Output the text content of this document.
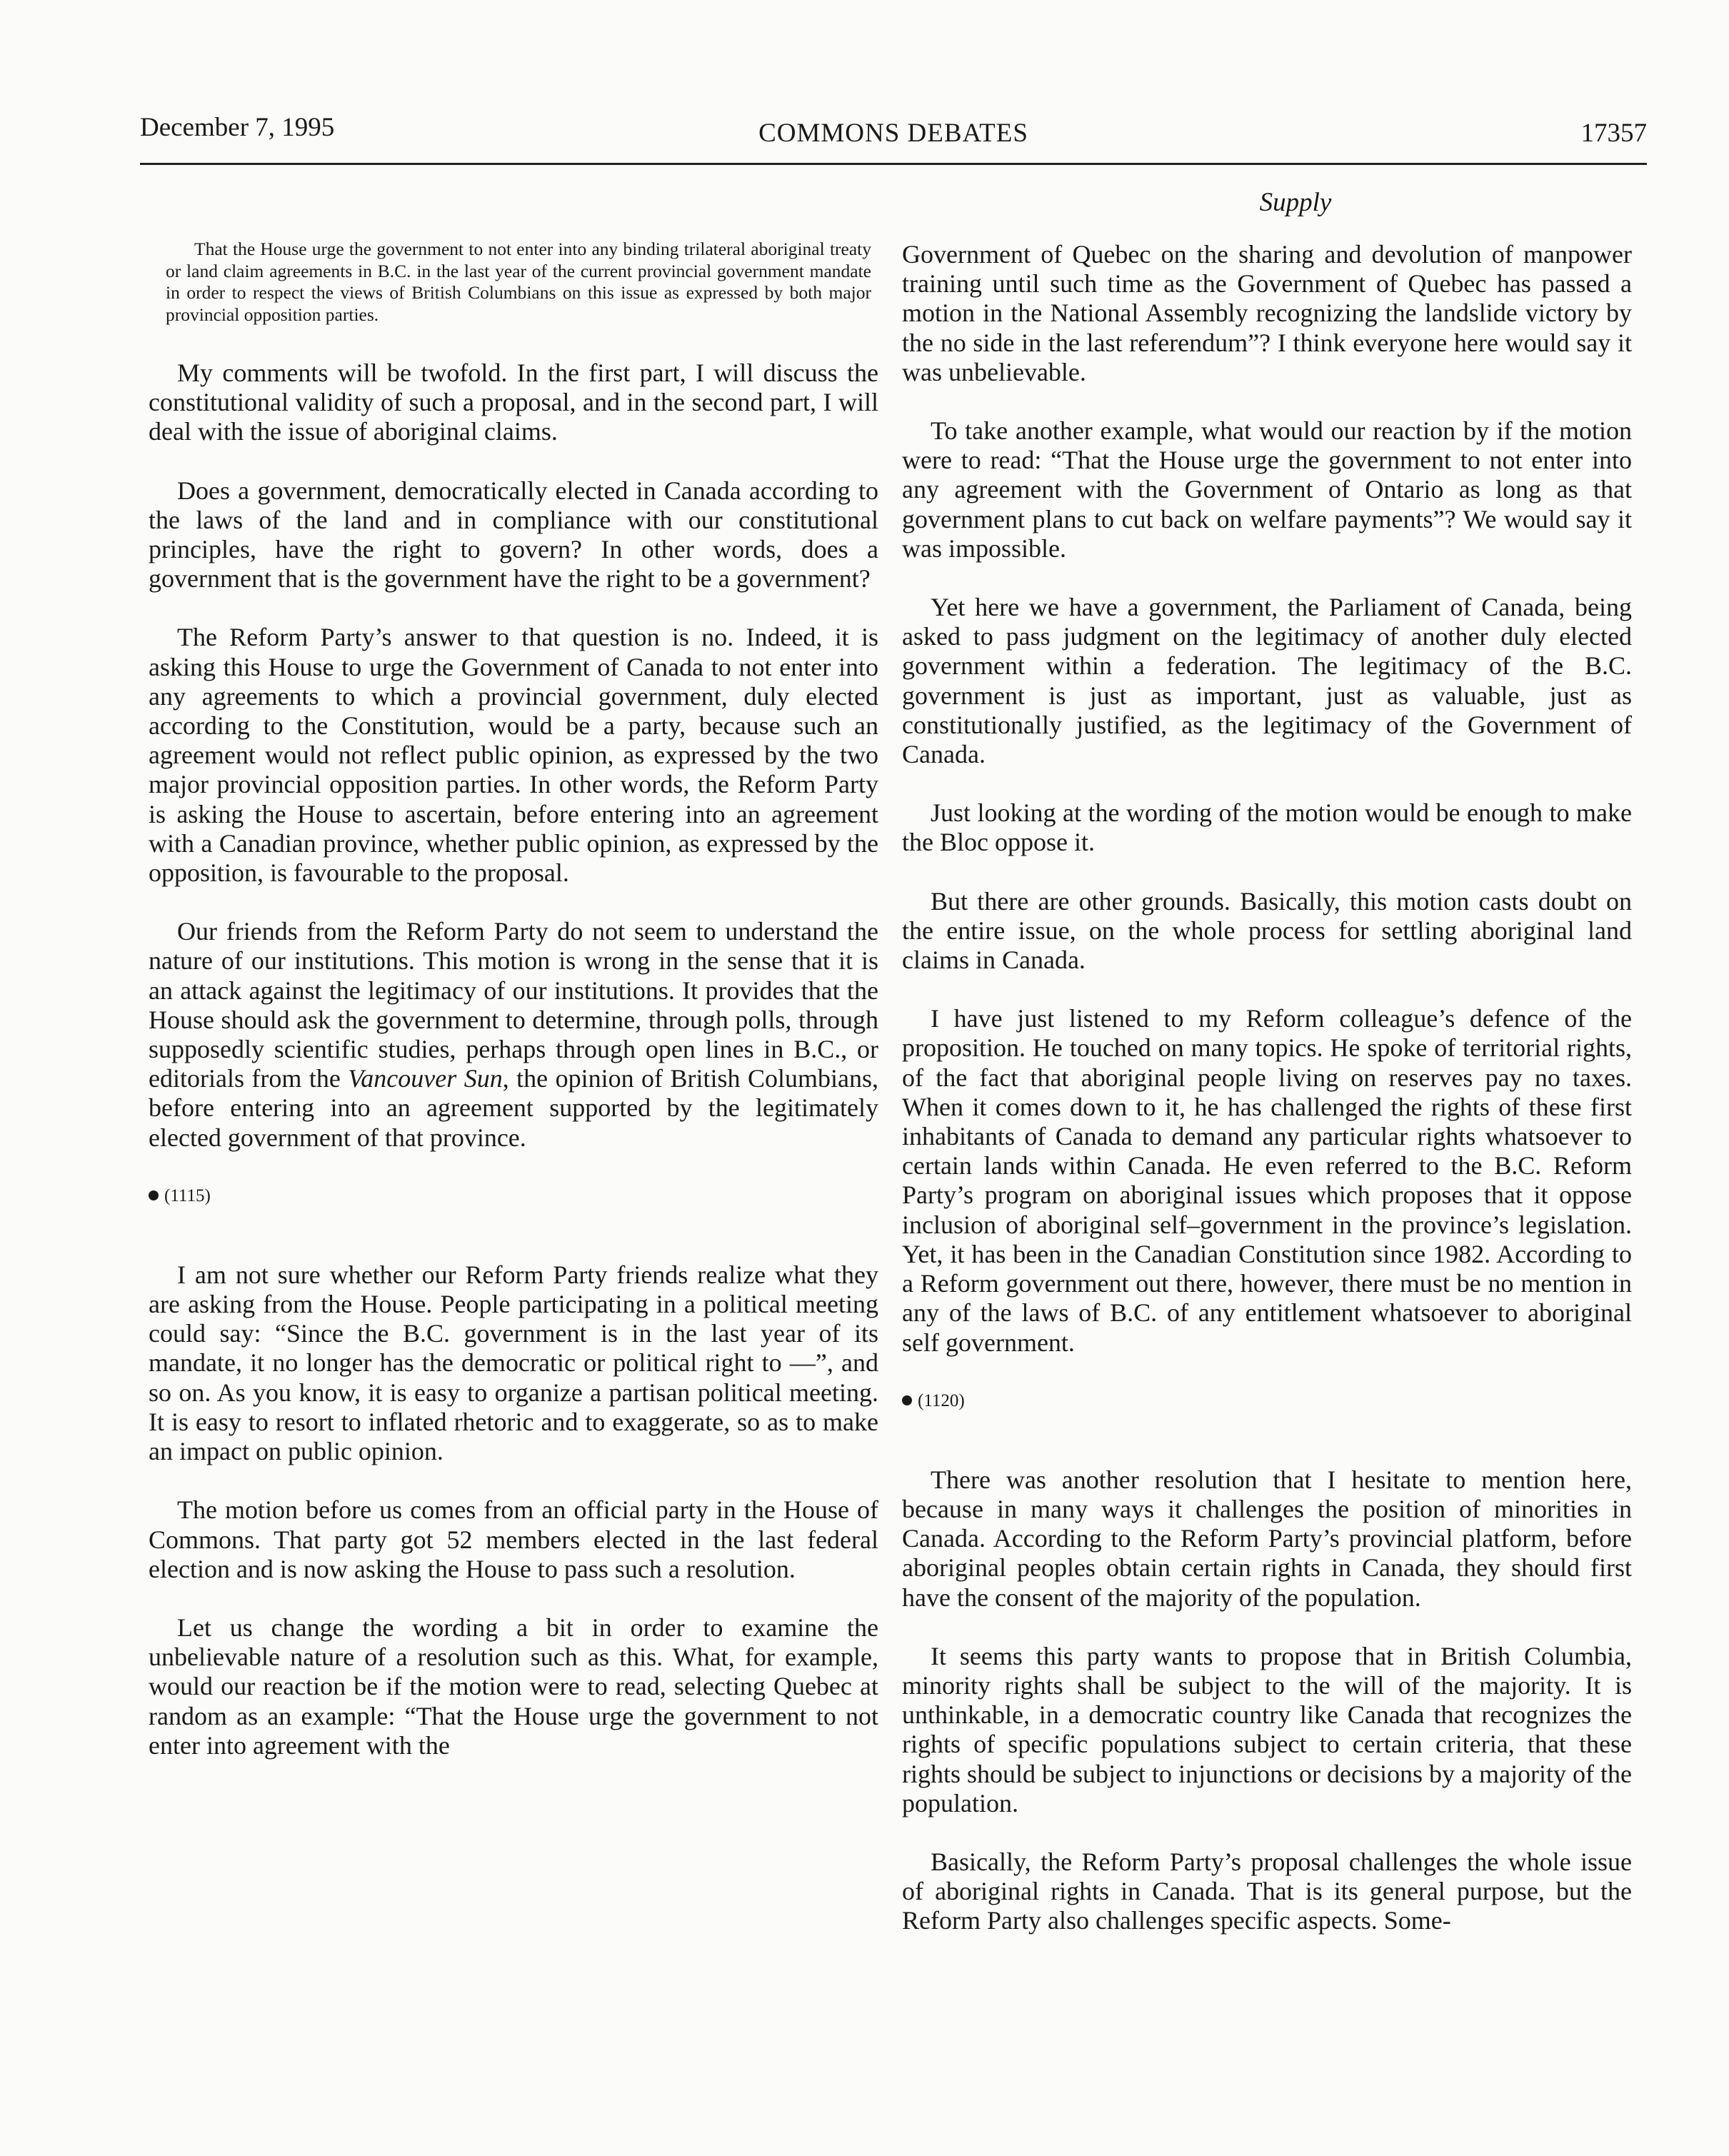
December 7, 1995	COMMONS DEBATES	17357
That the House urge the government to not enter into any binding trilateral aboriginal treaty or land claim agreements in B.C. in the last year of the current provincial government mandate in order to respect the views of British Columbians on this issue as expressed by both major provincial opposition parties.

My comments will be twofold. In the first part, I will discuss the constitutional validity of such a proposal, and in the second part, I will deal with the issue of aboriginal claims.

Does a government, democratically elected in Canada according to the laws of the land and in compliance with our constitutional principles, have the right to govern? In other words, does a government that is the government have the right to be a government?

The Reform Party’s answer to that question is no. Indeed, it is asking this House to urge the Government of Canada to not enter into any agreements to which a provincial government, duly elected according to the Constitution, would be a party, because such an agreement would not reflect public opinion, as expressed by the two major provincial opposition parties. In other words, the Reform Party is asking the House to ascertain, before entering into an agreement with a Canadian province, whether public opinion, as expressed by the opposition, is favourable to the proposal.

Our friends from the Reform Party do not seem to understand the nature of our institutions. This motion is wrong in the sense that it is an attack against the legitimacy of our institutions. It provides that the House should ask the government to determine, through polls, through supposedly scientific studies, perhaps through open lines in B.C., or editorials from the Vancouver Sun, the opinion of British Columbians, before entering into an agreement supported by the legitimately elected government of that province.

(1115)

I am not sure whether our Reform Party friends realize what they are asking from the House. People participating in a political meeting could say: “Since the B.C. government is in the last year of its mandate, it no longer has the democratic or political right to —”, and so on. As you know, it is easy to organize a partisan political meeting. It is easy to resort to inflated rhetoric and to exaggerate, so as to make an impact on public opinion.

The motion before us comes from an official party in the House of Commons. That party got 52 members elected in the last federal election and is now asking the House to pass such a resolution.

Let us change the wording a bit in order to examine the unbelievable nature of a resolution such as this. What, for example, would our reaction be if the motion were to read, selecting Quebec at random as an example: “That the House urge the government to not enter into agreement with the

Supply

Government of Quebec on the sharing and devolution of manpower training until such time as the Government of Quebec has passed a motion in the National Assembly recognizing the landslide victory by the no side in the last referendum”? I think everyone here would say it was unbelievable.

To take another example, what would our reaction by if the motion were to read: “That the House urge the government to not enter into any agreement with the Government of Ontario as long as that government plans to cut back on welfare payments”? We would say it was impossible.

Yet here we have a government, the Parliament of Canada, being asked to pass judgment on the legitimacy of another duly elected government within a federation. The legitimacy of the B.C. government is just as important, just as valuable, just as constitutionally justified, as the legitimacy of the Government of Canada.

Just looking at the wording of the motion would be enough to make the Bloc oppose it.

But there are other grounds. Basically, this motion casts doubt on the entire issue, on the whole process for settling aboriginal land claims in Canada.

I have just listened to my Reform colleague’s defence of the proposition. He touched on many topics. He spoke of territorial rights, of the fact that aboriginal people living on reserves pay no taxes. When it comes down to it, he has challenged the rights of these first inhabitants of Canada to demand any particular rights whatsoever to certain lands within Canada. He even referred to the B.C. Reform Party’s program on aboriginal issues which proposes that it oppose inclusion of aboriginal self–government in the province’s legislation. Yet, it has been in the Canadian Constitution since 1982. According to a Reform government out there, however, there must be no mention in any of the laws of B.C. of any entitlement whatsoever to aboriginal self government.

(1120)

There was another resolution that I hesitate to mention here, because in many ways it challenges the position of minorities in Canada. According to the Reform Party’s provincial platform, before aboriginal peoples obtain certain rights in Canada, they should first have the consent of the majority of the population.

It seems this party wants to propose that in British Columbia, minority rights shall be subject to the will of the majority. It is unthinkable, in a democratic country like Canada that recognizes the rights of specific populations subject to certain criteria, that these rights should be subject to injunctions or decisions by a majority of the population.

Basically, the Reform Party’s proposal challenges the whole issue of aboriginal rights in Canada. That is its general purpose, but the Reform Party also challenges specific aspects. Some-
